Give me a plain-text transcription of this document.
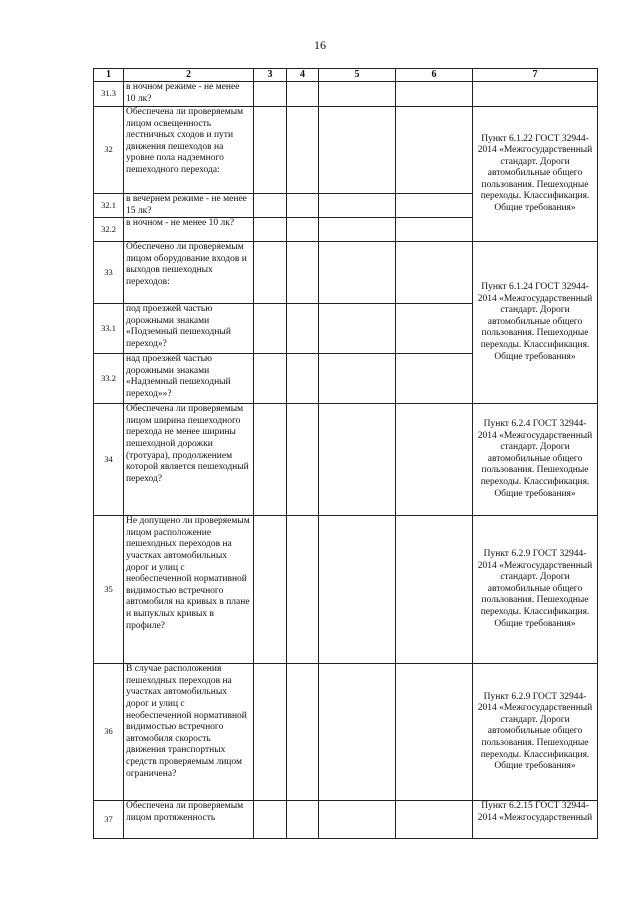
16
1	2	3	4	5	6	7
31.3	в ночном режиме - не менее 10 лк?					
32	Обеспечена ли проверяемым лицом освещенность лестничных сходов и пути движения пешеходов на уровне пола надземного пешеходного перехода:					Пункт 6.1.22 ГОСТ 32944-2014 «Межгосударственный стандарт. Дороги автомобильные общего пользования. Пешеходные переходы. Классификация. Общие требования»
32.1	в вечернем режиме - не менее 15 лк?					
32.2	в ночном - не менее 10 лк?					
33	Обеспечено ли проверяемым лицом оборудование входов и выходов пешеходных переходов:					Пункт 6.1.24 ГОСТ 32944-2014 «Межгосударственный стандарт. Дороги автомобильные общего пользования. Пешеходные переходы. Классификация. Общие требования»
33.1	под проезжей частью дорожными знаками «Подземный пешеходный переход»?					
33.2	над проезжей частью дорожными знаками «Надземный пешеходный переход»»?					
34	Обеспечена ли проверяемым лицом ширина пешеходного перехода не менее ширины пешеходной дорожки (тротуара), продолжением которой является пешеходный переход?					Пункт 6.2.4 ГОСТ 32944-2014 «Межгосударственный стандарт. Дороги автомобильные общего пользования. Пешеходные переходы. Классификация. Общие требования»
35	Не допущено ли проверяемым лицом расположение пешеходных переходов на участках автомобильных дорог и улиц с необеспеченной нормативной видимостью встречного автомобиля на кривых в плане и выпуклых кривых в профиле?					Пункт 6.2.9 ГОСТ 32944-2014 «Межгосударственный стандарт. Дороги автомобильные общего пользования. Пешеходные переходы. Классификация. Общие требования»
36	В случае расположения пешеходных переходов на участках автомобильных дорог и улиц с необеспеченной нормативной видимостью встречного автомобиля скорость движения транспортных средств проверяемым лицом ограничена?					Пункт 6.2.9 ГОСТ 32944-2014 «Межгосударственный стандарт. Дороги автомобильные общего пользования. Пешеходные переходы. Классификация. Общие требования»
37	Обеспечена ли проверяемым лицом протяженность					Пункт 6.2.15 ГОСТ 32944-2014 «Межгосударственный
